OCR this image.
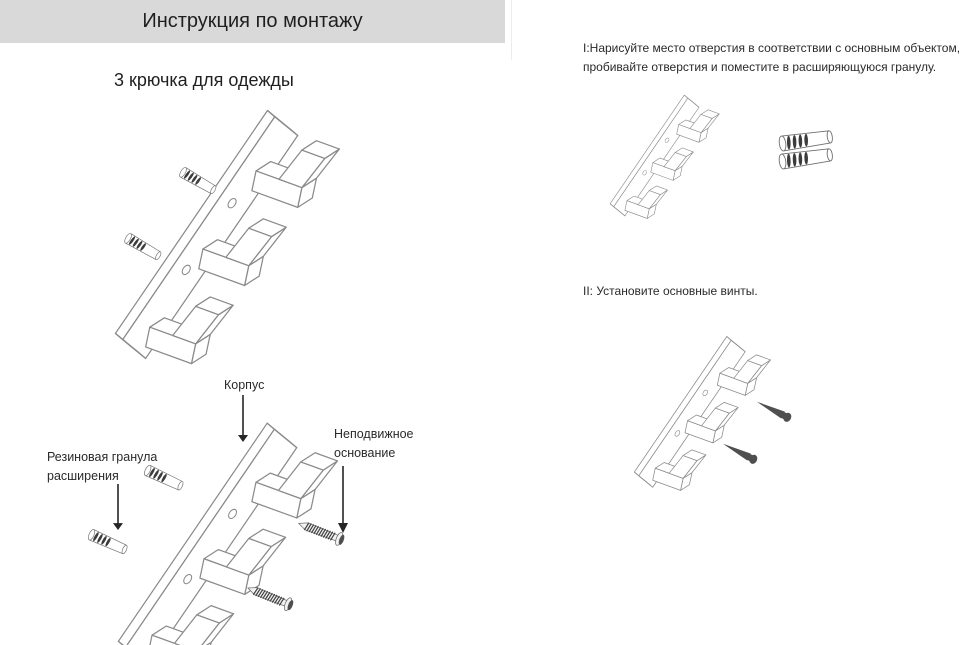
Инструкция по монтажу
3 крючка для одежды
Корпус
Неподвижное основание
Резиновая гранула расширения
I:Нарисуйте место отверстия в соответствии с основным объектом, пробивайте отверстия и поместите в расширяющуюся гранулу.
II: Установите основные винты.
